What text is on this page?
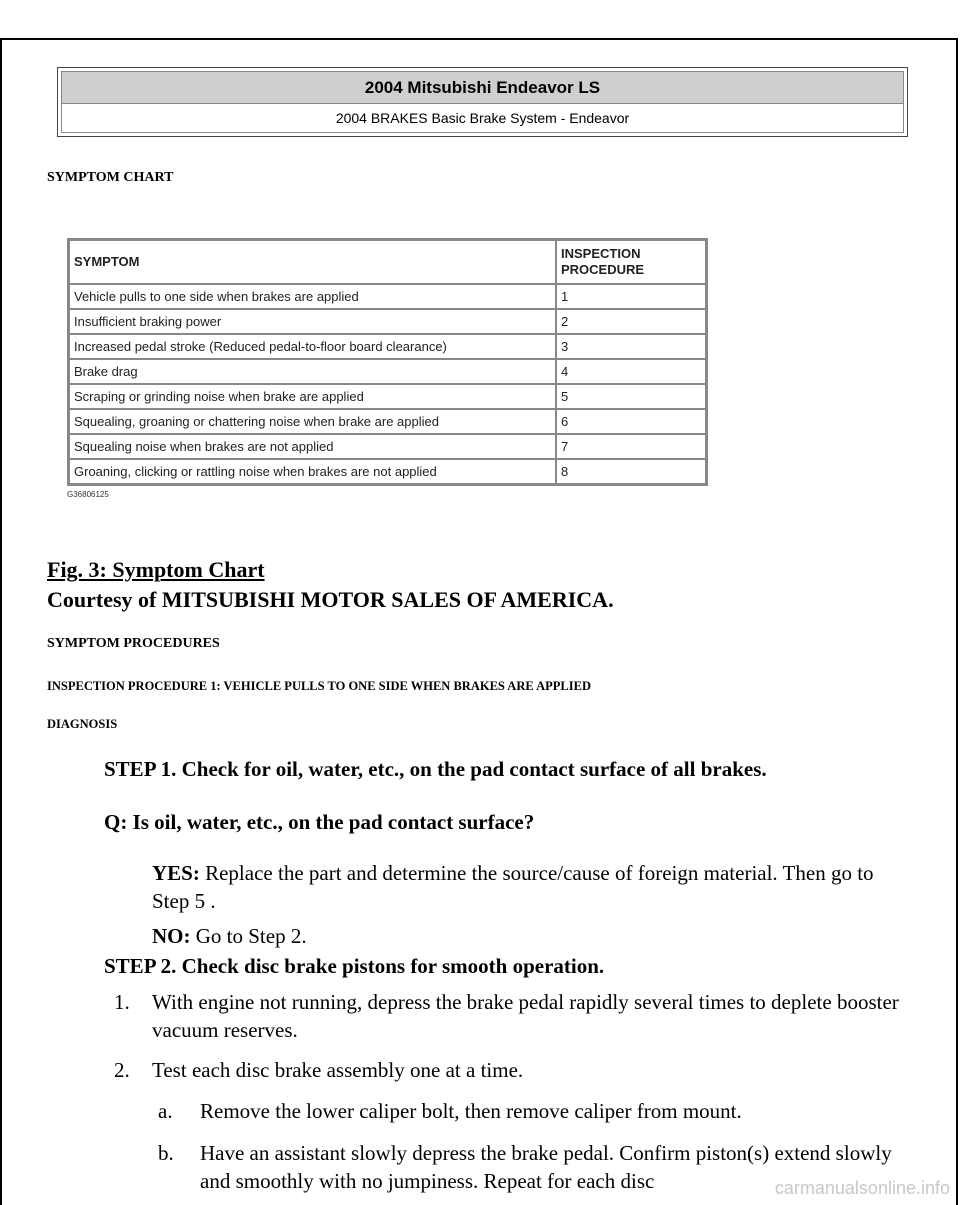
2004 Mitsubishi Endeavor LS
2004 BRAKES Basic Brake System - Endeavor
SYMPTOM CHART
SYMPTOM	INSPECTION PROCEDURE
Vehicle pulls to one side when brakes are applied	1
Insufficient braking power	2
Increased pedal stroke (Reduced pedal-to-floor board clearance)	3
Brake drag	4
Scraping or grinding noise when brake are applied	5
Squealing, groaning or chattering noise when brake are applied	6
Squealing noise when brakes are not applied	7
Groaning, clicking or rattling noise when brakes are not applied	8
G36806125
Fig. 3: Symptom Chart
Courtesy of MITSUBISHI MOTOR SALES OF AMERICA.
SYMPTOM PROCEDURES
INSPECTION PROCEDURE 1: VEHICLE PULLS TO ONE SIDE WHEN BRAKES ARE APPLIED
DIAGNOSIS
STEP 1. Check for oil, water, etc., on the pad contact surface of all brakes.
Q: Is oil, water, etc., on the pad contact surface?
YES: Replace the part and determine the source/cause of foreign material. Then go to Step 5 .
NO: Go to Step 2.
STEP 2. Check disc brake pistons for smooth operation.
1. With engine not running, depress the brake pedal rapidly several times to deplete booster vacuum reserves.
2. Test each disc brake assembly one at a time.
a. Remove the lower caliper bolt, then remove caliper from mount.
b. Have an assistant slowly depress the brake pedal. Confirm piston(s) extend slowly and smoothly with no jumpiness. Repeat for each disc	carmanualsonline.info
